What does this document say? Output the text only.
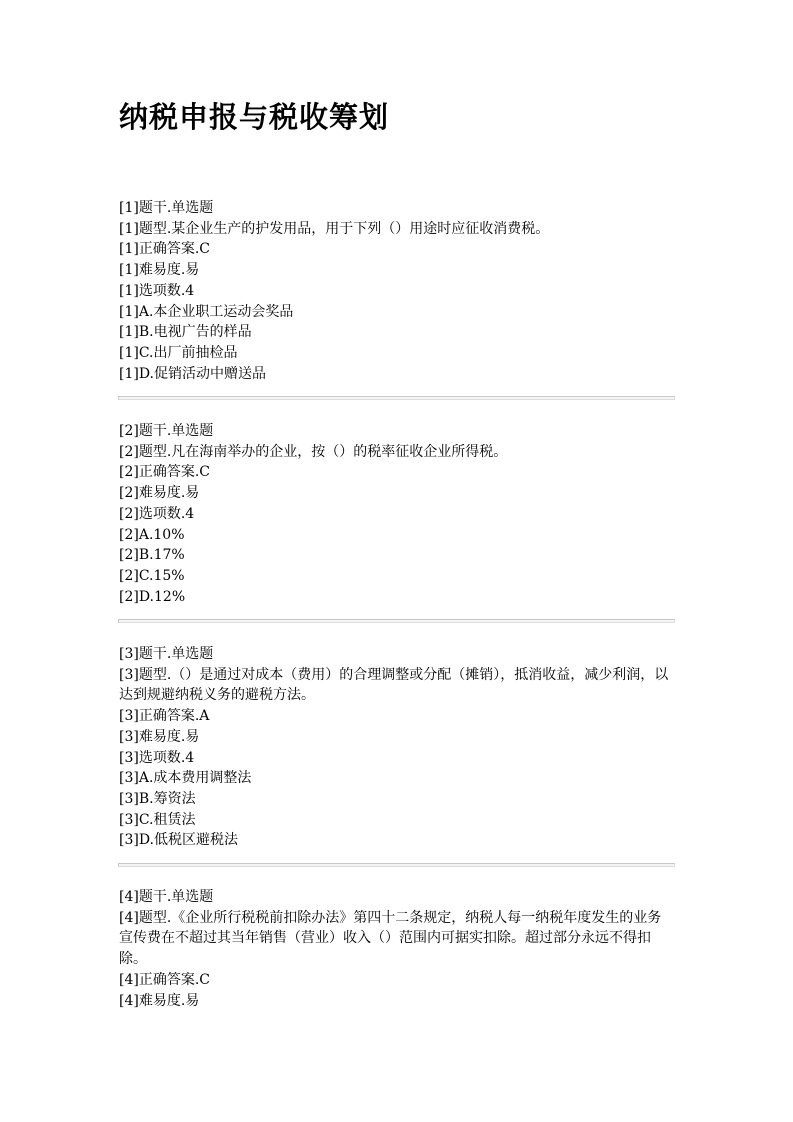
纳税申报与税收筹划

[1]题干.单选题

[1]题型.某企业生产的护发用品，用于下列（）用途时应征收消费税。

[1]正确答案.C

[1]难易度.易

[1]选项数.4

[1]A.本企业职工运动会奖品

[1]B.电视广告的样品

[1]C.出厂前抽检品

[1]D.促销活动中赠送品

[2]题干.单选题

[2]题型.凡在海南举办的企业，按（）的税率征收企业所得税。

[2]正确答案.C

[2]难易度.易

[2]选项数.4

[2]A.10%

[2]B.17%

[2]C.15%

[2]D.12%

[3]题干.单选题

[3]题型.（）是通过对成本（费用）的合理调整或分配（摊销），抵消收益，减少利润，以达到规避纳税义务的避税方法。

[3]正确答案.A

[3]难易度.易

[3]选项数.4

[3]A.成本费用调整法

[3]B.筹资法

[3]C.租赁法

[3]D.低税区避税法

[4]题干.单选题

[4]题型.《企业所行税税前扣除办法》第四十二条规定，纳税人每一纳税年度发生的业务宣传费在不超过其当年销售（营业）收入（）范围内可据实扣除。超过部分永远不得扣除。

[4]正确答案.C

[4]难易度.易
